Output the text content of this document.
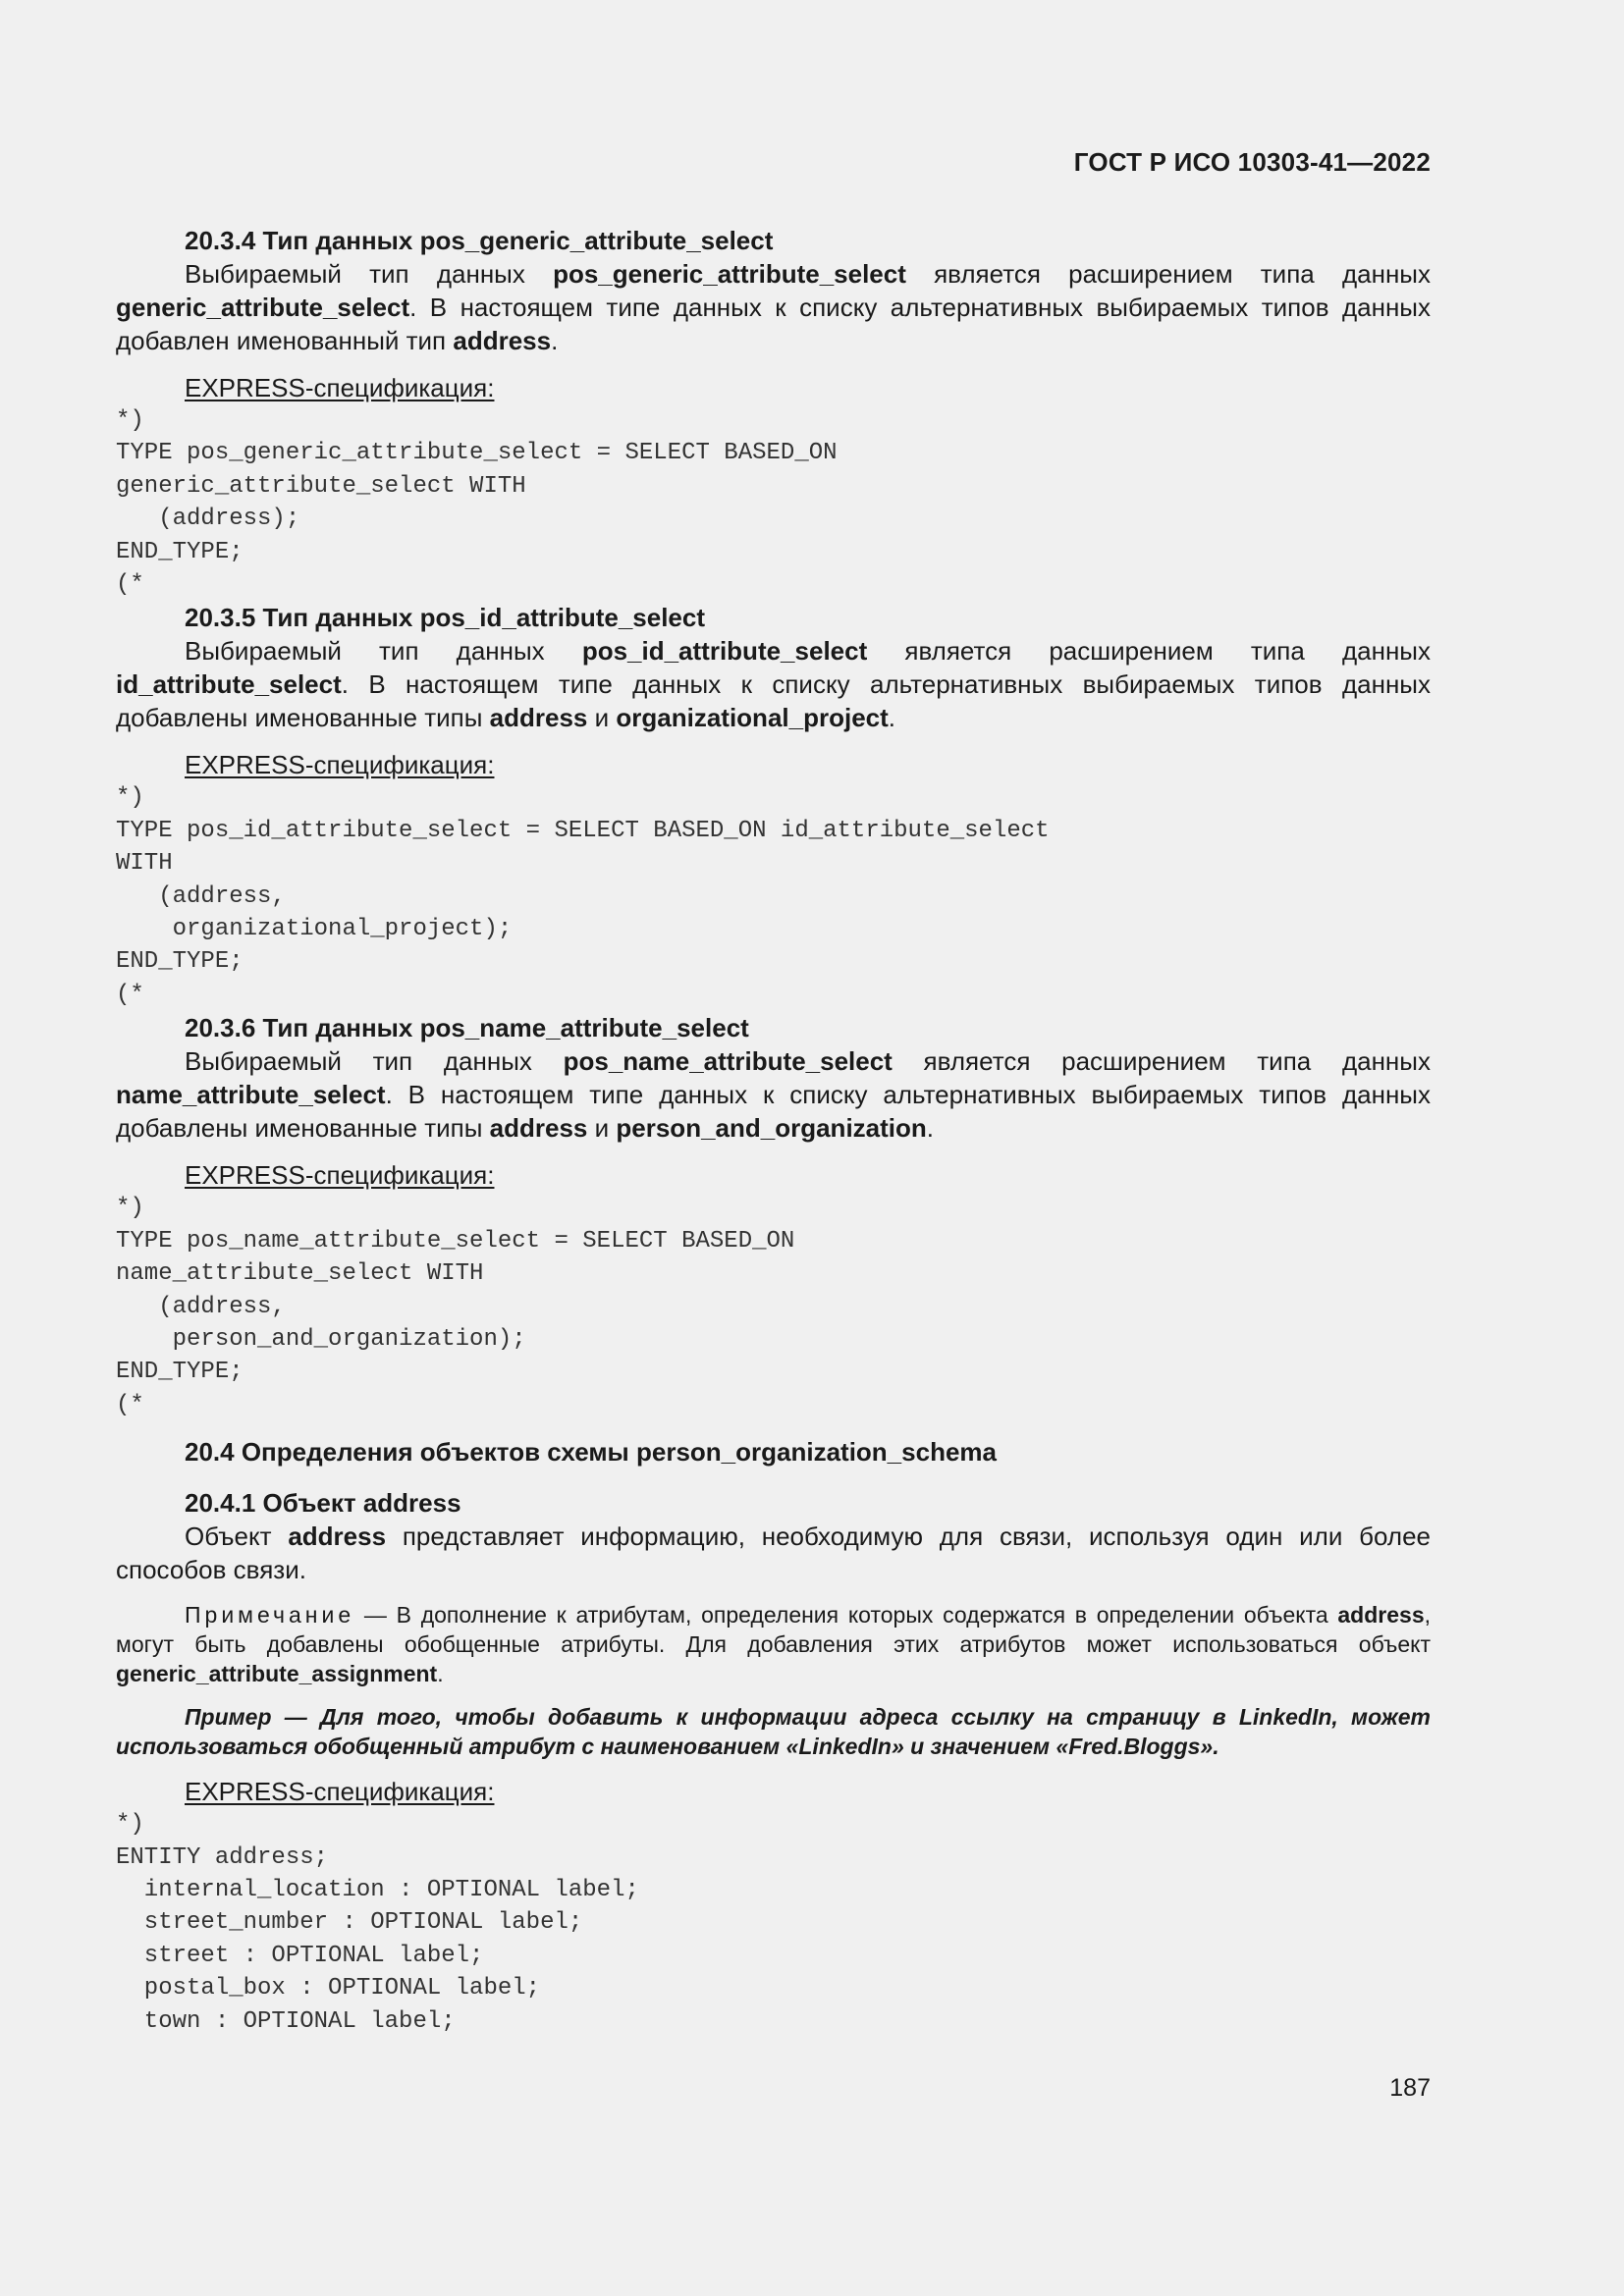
ГОСТ Р ИСО 10303-41—2022

20.3.4 Тип данных pos_generic_attribute_select

Выбираемый тип данных pos_generic_attribute_select является расширением типа данных generic_attribute_select. В настоящем типе данных к списку альтернативных выбираемых типов данных добавлен именованный тип address.

EXPRESS-спецификация:

*)
TYPE pos_generic_attribute_select = SELECT BASED_ON
generic_attribute_select WITH
(address);
END_TYPE;
(*

20.3.5 Тип данных pos_id_attribute_select

Выбираемый тип данных pos_id_attribute_select является расширением типа данных id_attribute_select. В настоящем типе данных к списку альтернативных выбираемых типов данных добавлены именованные типы address и organizational_project.

EXPRESS-спецификация:

*)
TYPE pos_id_attribute_select = SELECT BASED_ON id_attribute_select
WITH
(address,
organizational_project);
END_TYPE;
(*

20.3.6 Тип данных pos_name_attribute_select

Выбираемый тип данных pos_name_attribute_select является расширением типа данных name_attribute_select. В настоящем типе данных к списку альтернативных выбираемых типов данных добавлены именованные типы address и person_and_organization.

EXPRESS-спецификация:

*)
TYPE pos_name_attribute_select = SELECT BASED_ON
name_attribute_select WITH
(address,
person_and_organization);
END_TYPE;
(*

20.4 Определения объектов схемы person_organization_schema

20.4.1 Объект address

Объект address представляет информацию, необходимую для связи, используя один или более способов связи.

Примечание — В дополнение к атрибутам, определения которых содержатся в определении объекта address, могут быть добавлены обобщенные атрибуты. Для добавления этих атрибутов может использоваться объект generic_attribute_assignment.

Пример — Для того, чтобы добавить к информации адреса ссылку на страницу в LinkedIn, может использоваться обобщенный атрибут с наименованием «LinkedIn» и значением «Fred.Bloggs».

EXPRESS-спецификация:

*)
ENTITY address;
internal_location : OPTIONAL label;
street_number : OPTIONAL label;
street : OPTIONAL label;
postal_box : OPTIONAL label;
town : OPTIONAL label;
187
